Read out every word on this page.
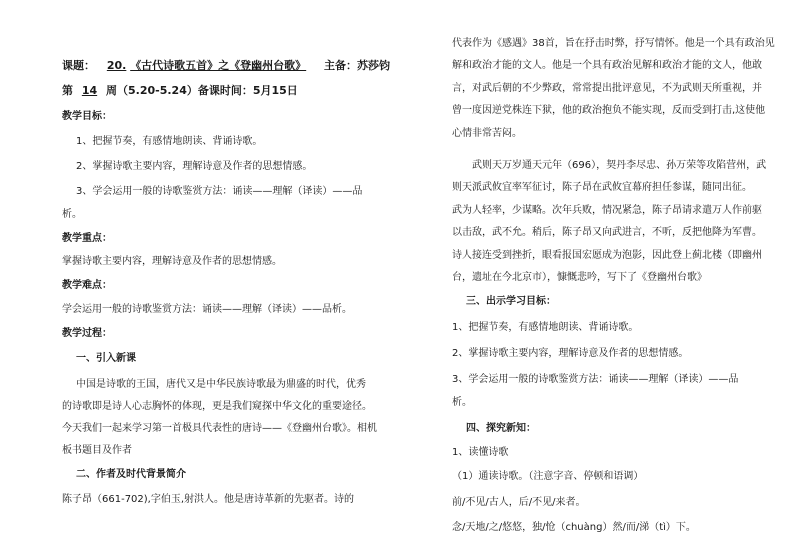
课题： 20. 《古代诗歌五首》之《登幽州台歌》 主备：苏莎钧
第 14 周（5.20-5.24）备课时间：5月15日
教学目标：
1、把握节奏，有感情地朗读、背诵诗歌。
2、掌握诗歌主要内容，理解诗意及作者的思想情感。
3、学会运用一般的诗歌鉴赏方法：诵读——理解（译读）——品
析。
教学重点：
掌握诗歌主要内容，理解诗意及作者的思想情感。
教学难点：
学会运用一般的诗歌鉴赏方法：诵读——理解（译读）——品析。
教学过程：
一、引入新课
中国是诗歌的王国，唐代又是中华民族诗歌最为鼎盛的时代，优秀
的诗歌即是诗人心志胸怀的体现，更是我们窥探中华文化的重要途径。
今天我们一起来学习第一首极具代表性的唐诗——《登幽州台歌》。相机
板书题目及作者
二、作者及时代背景简介
陈子昂（661-702),字伯玉,射洪人。他是唐诗革新的先驱者。诗的
代表作为《感遇》38首，旨在抒击时弊，抒写情怀。他是一个具有政治见
解和政治才能的文人。他是一个具有政治见解和政治才能的文人，他敢
言，对武后朝的不少弊政，常常提出批评意见，不为武则天所重视，并
曾一度因逆党株连下狱，他的政治抱负不能实现，反而受到打击,这使他
心情非常苦闷。
武则天万岁通天元年（696），契丹李尽忠、孙万荣等攻陷营州，武
则天派武攸宜率军征讨，陈子昂在武攸宜幕府担任参谋，随同出征。
武为人轻率，少谋略。次年兵败，情况紧急，陈子昂请求遣万人作前驱
以击敌，武不允。稍后，陈子昂又向武进言，不听，反把他降为军曹。
诗人接连受到挫折，眼看报国宏愿成为泡影，因此登上蓟北楼（即幽州
台，遗址在今北京市），慷慨悲吟，写下了《登幽州台歌》
三、出示学习目标：
1、把握节奏，有感情地朗读、背诵诗歌。
2、掌握诗歌主要内容，理解诗意及作者的思想情感。
3、学会运用一般的诗歌鉴赏方法：诵读——理解（译读）——品
析。
四、探究新知：
1、读懂诗歌
（1）通读诗歌。（注意字音、停顿和语调）
前/不见/古人，后/不见/来者。
念/天地/之/悠悠，独/怆（chuàng）然/而/涕（tì）下。
